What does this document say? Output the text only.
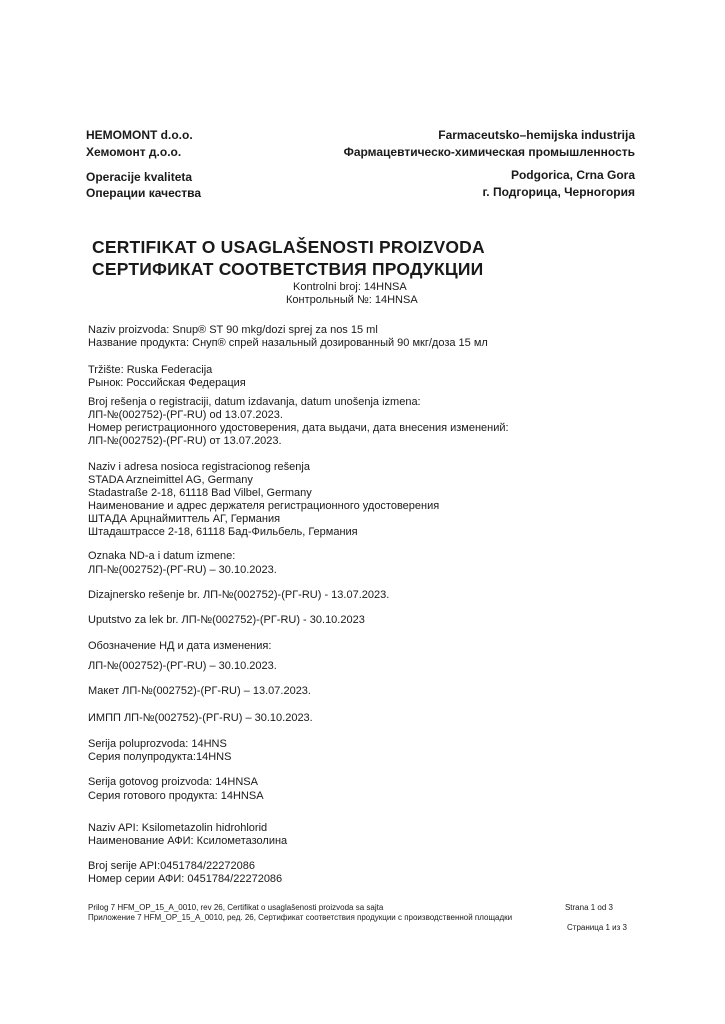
HEMOMONT d.o.o.
Хемомонт д.о.о.
Operacije kvaliteta
Операции качества
Farmaceutsko–hemijska industrija
Фармацевтическо-химическая промышленность
Podgorica, Crna Gora
г. Подгорица, Черногория
CERTIFIKAT O USAGLAŠENOSTI PROIZVODA
СЕРТИФИКАТ СООТВЕТСТВИЯ ПРОДУКЦИИ
Kontrolni broj: 14HNSA
Контрольный №: 14HNSA
Naziv proizvoda: Snup® ST 90 mkg/dozi sprej za nos 15 ml
Название продукта: Снуп® спрей назальный дозированный 90 мкг/доза 15 мл
Tržište: Ruska Federacija
Рынок: Российская Федерация
Broj rešenja o registraciji, datum izdavanja, datum unošenja izmena:
ЛП-№(002752)-(РГ-RU) od 13.07.2023.
Номер регистрационного удостоверения, дата выдачи, дата внесения изменений:
ЛП-№(002752)-(РГ-RU) от 13.07.2023.
Naziv i adresa nosioca registracionog rešenja
STADA Arzneimittel AG, Germany
Stadastraße 2-18, 61118 Bad Vilbel, Germany
Наименование и адрес держателя регистрационного удостоверения
ШТАДА Арцнаймиттель АГ, Германия
Штадаштрассе 2-18, 61118 Бад-Фильбель, Германия
Oznaka ND-a i datum izmene:
ЛП-№(002752)-(РГ-RU) – 30.10.2023.
Dizajnersko rešenje br. ЛП-№(002752)-(РГ-RU) - 13.07.2023.
Uputstvo za lek br. ЛП-№(002752)-(РГ-RU) - 30.10.2023
Обозначение НД и дата изменения:
ЛП-№(002752)-(РГ-RU) – 30.10.2023.
Макет ЛП-№(002752)-(РГ-RU) – 13.07.2023.
ИМПП ЛП-№(002752)-(РГ-RU) – 30.10.2023.
Serija poluprozvoda: 14HNS
Серия полупродукта:14HNS
Serija gotovog proizvoda: 14HNSA
Серия готового продукта: 14HNSA
Naziv API: Ksilometazolin hidrohlorid
Наименование АФИ: Ксилометазолина
Broj serije API:0451784/22272086
Номер серии АФИ: 0451784/22272086
Prilog 7 HFM_OP_15_A_0010, rev 26, Certifikat o usaglašenosti proizvoda sa sajta
Приложение 7 HFM_OP_15_A_0010, ред. 26, Сертификат соответствия продукции с производственной площадки
Strana 1 od 3
Страница 1 из 3
